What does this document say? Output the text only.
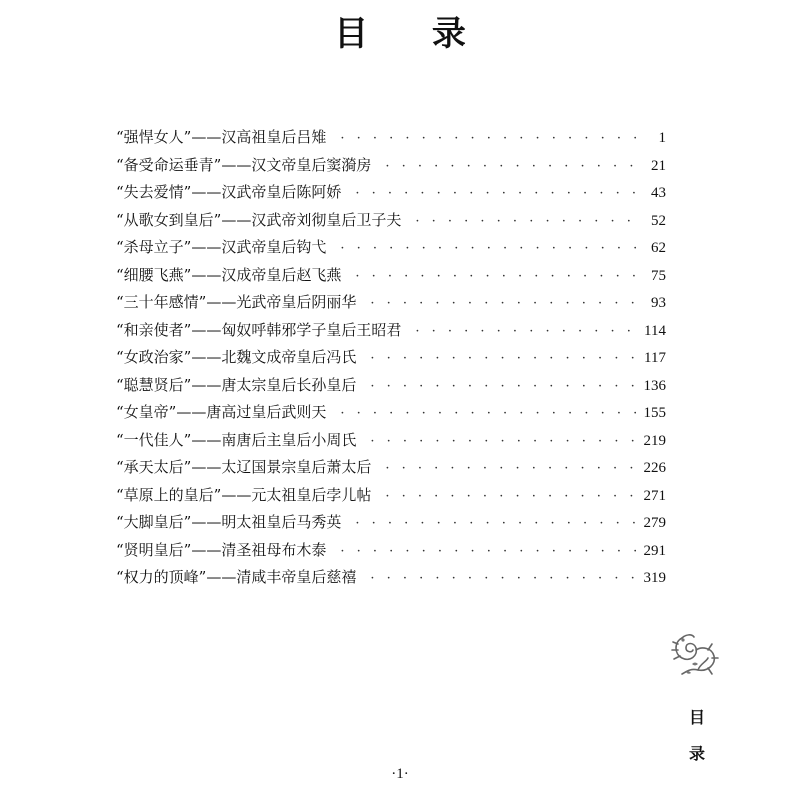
目 录
“强悍女人”——汉高祖皇后吕雉 · · ·	1
“备受命运垂青”——汉文帝皇后窦漪房 · · ·	21
“失去爱情”——汉武帝皇后陈阿娇 · · ·	43
“从歌女到皇后”——汉武帝刘彻皇后卫子夫 · · ·	52
“杀母立子”——汉武帝皇后钩弋 · · ·	62
“细腰飞燕”——汉成帝皇后赵飞燕 · · ·	75
“三十年感情”——光武帝皇后阴丽华 · · ·	93
“和亲使者”——匈奴呼韩邪学子皇后王昭君 · · ·	114
“女政治家”——北魏文成帝皇后冯氏 · · ·	117
“聪慧贤后”——唐太宗皇后长孙皇后 · · ·	136
“女皇帝”——唐高过皇后武则天 · · ·	155
“一代佳人”——南唐后主皇后小周氏 · · ·	219
“承天太后”——太辽国景宗皇后萧太后 · · ·	226
“草原上的皇后”——元太祖皇后孛儿帖 · · ·	271
“大脚皇后”——明太祖皇后马秀英 · · ·	279
“贤明皇后”——清圣祖母布木泰 · · ·	291
“权力的顶峰”——清咸丰帝皇后慈禧 · · ·	319
目
录
·1·
